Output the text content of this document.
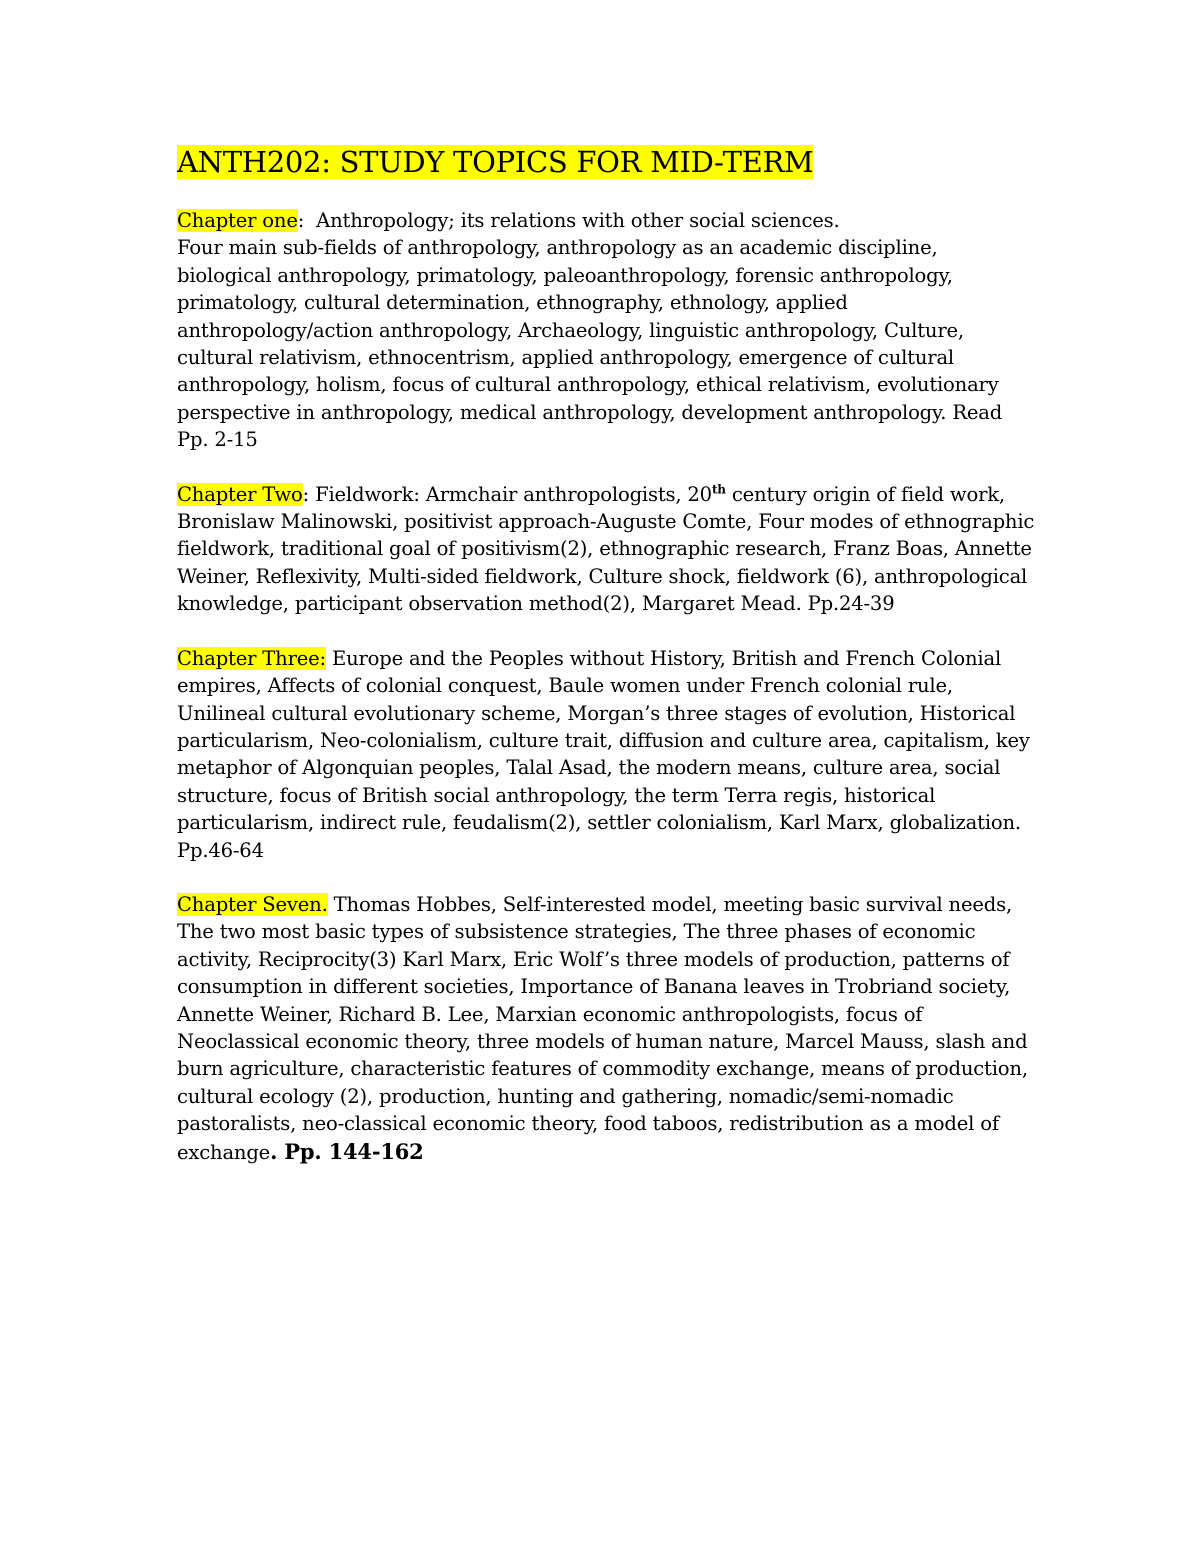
ANTH202: STUDY TOPICS FOR MID-TERM

Chapter one:  Anthropology; its relations with other social sciences.

Four main sub-fields of anthropology, anthropology as an academic discipline, biological anthropology, primatology, paleoanthropology, forensic anthropology, primatology, cultural determination, ethnography, ethnology, applied anthropology/action anthropology, Archaeology, linguistic anthropology, Culture, cultural relativism, ethnocentrism, applied anthropology, emergence of cultural anthropology, holism, focus of cultural anthropology, ethical relativism, evolutionary perspective in anthropology, medical anthropology, development anthropology. Read Pp. 2-15

Chapter Two: Fieldwork: Armchair anthropologists, 20th century origin of field work, Bronislaw Malinowski, positivist approach-Auguste Comte, Four modes of ethnographic fieldwork, traditional goal of positivism(2), ethnographic research, Franz Boas, Annette Weiner, Reflexivity, Multi-sided fieldwork, Culture shock, fieldwork (6), anthropological knowledge, participant observation method(2), Margaret Mead. Pp.24-39

Chapter Three: Europe and the Peoples without History, British and French Colonial empires, Affects of colonial conquest, Baule women under French colonial rule, Unilineal cultural evolutionary scheme, Morgan’s three stages of evolution, Historical particularism, Neo-colonialism, culture trait, diffusion and culture area, capitalism, key metaphor of Algonquian peoples, Talal Asad, the modern means, culture area, social structure, focus of British social anthropology, the term Terra regis, historical particularism, indirect rule, feudalism(2), settler colonialism, Karl Marx, globalization. Pp.46-64

Chapter Seven. Thomas Hobbes, Self-interested model, meeting basic survival needs, The two most basic types of subsistence strategies, The three phases of economic activity, Reciprocity(3) Karl Marx, Eric Wolf’s three models of production, patterns of consumption in different societies, Importance of Banana leaves in Trobriand society, Annette Weiner, Richard B. Lee, Marxian economic anthropologists, focus of Neoclassical economic theory, three models of human nature, Marcel Mauss, slash and burn agriculture, characteristic features of commodity exchange, means of production, cultural ecology (2), production, hunting and gathering, nomadic/semi-nomadic pastoralists, neo-classical economic theory, food taboos, redistribution as a model of exchange. Pp. 144-162
